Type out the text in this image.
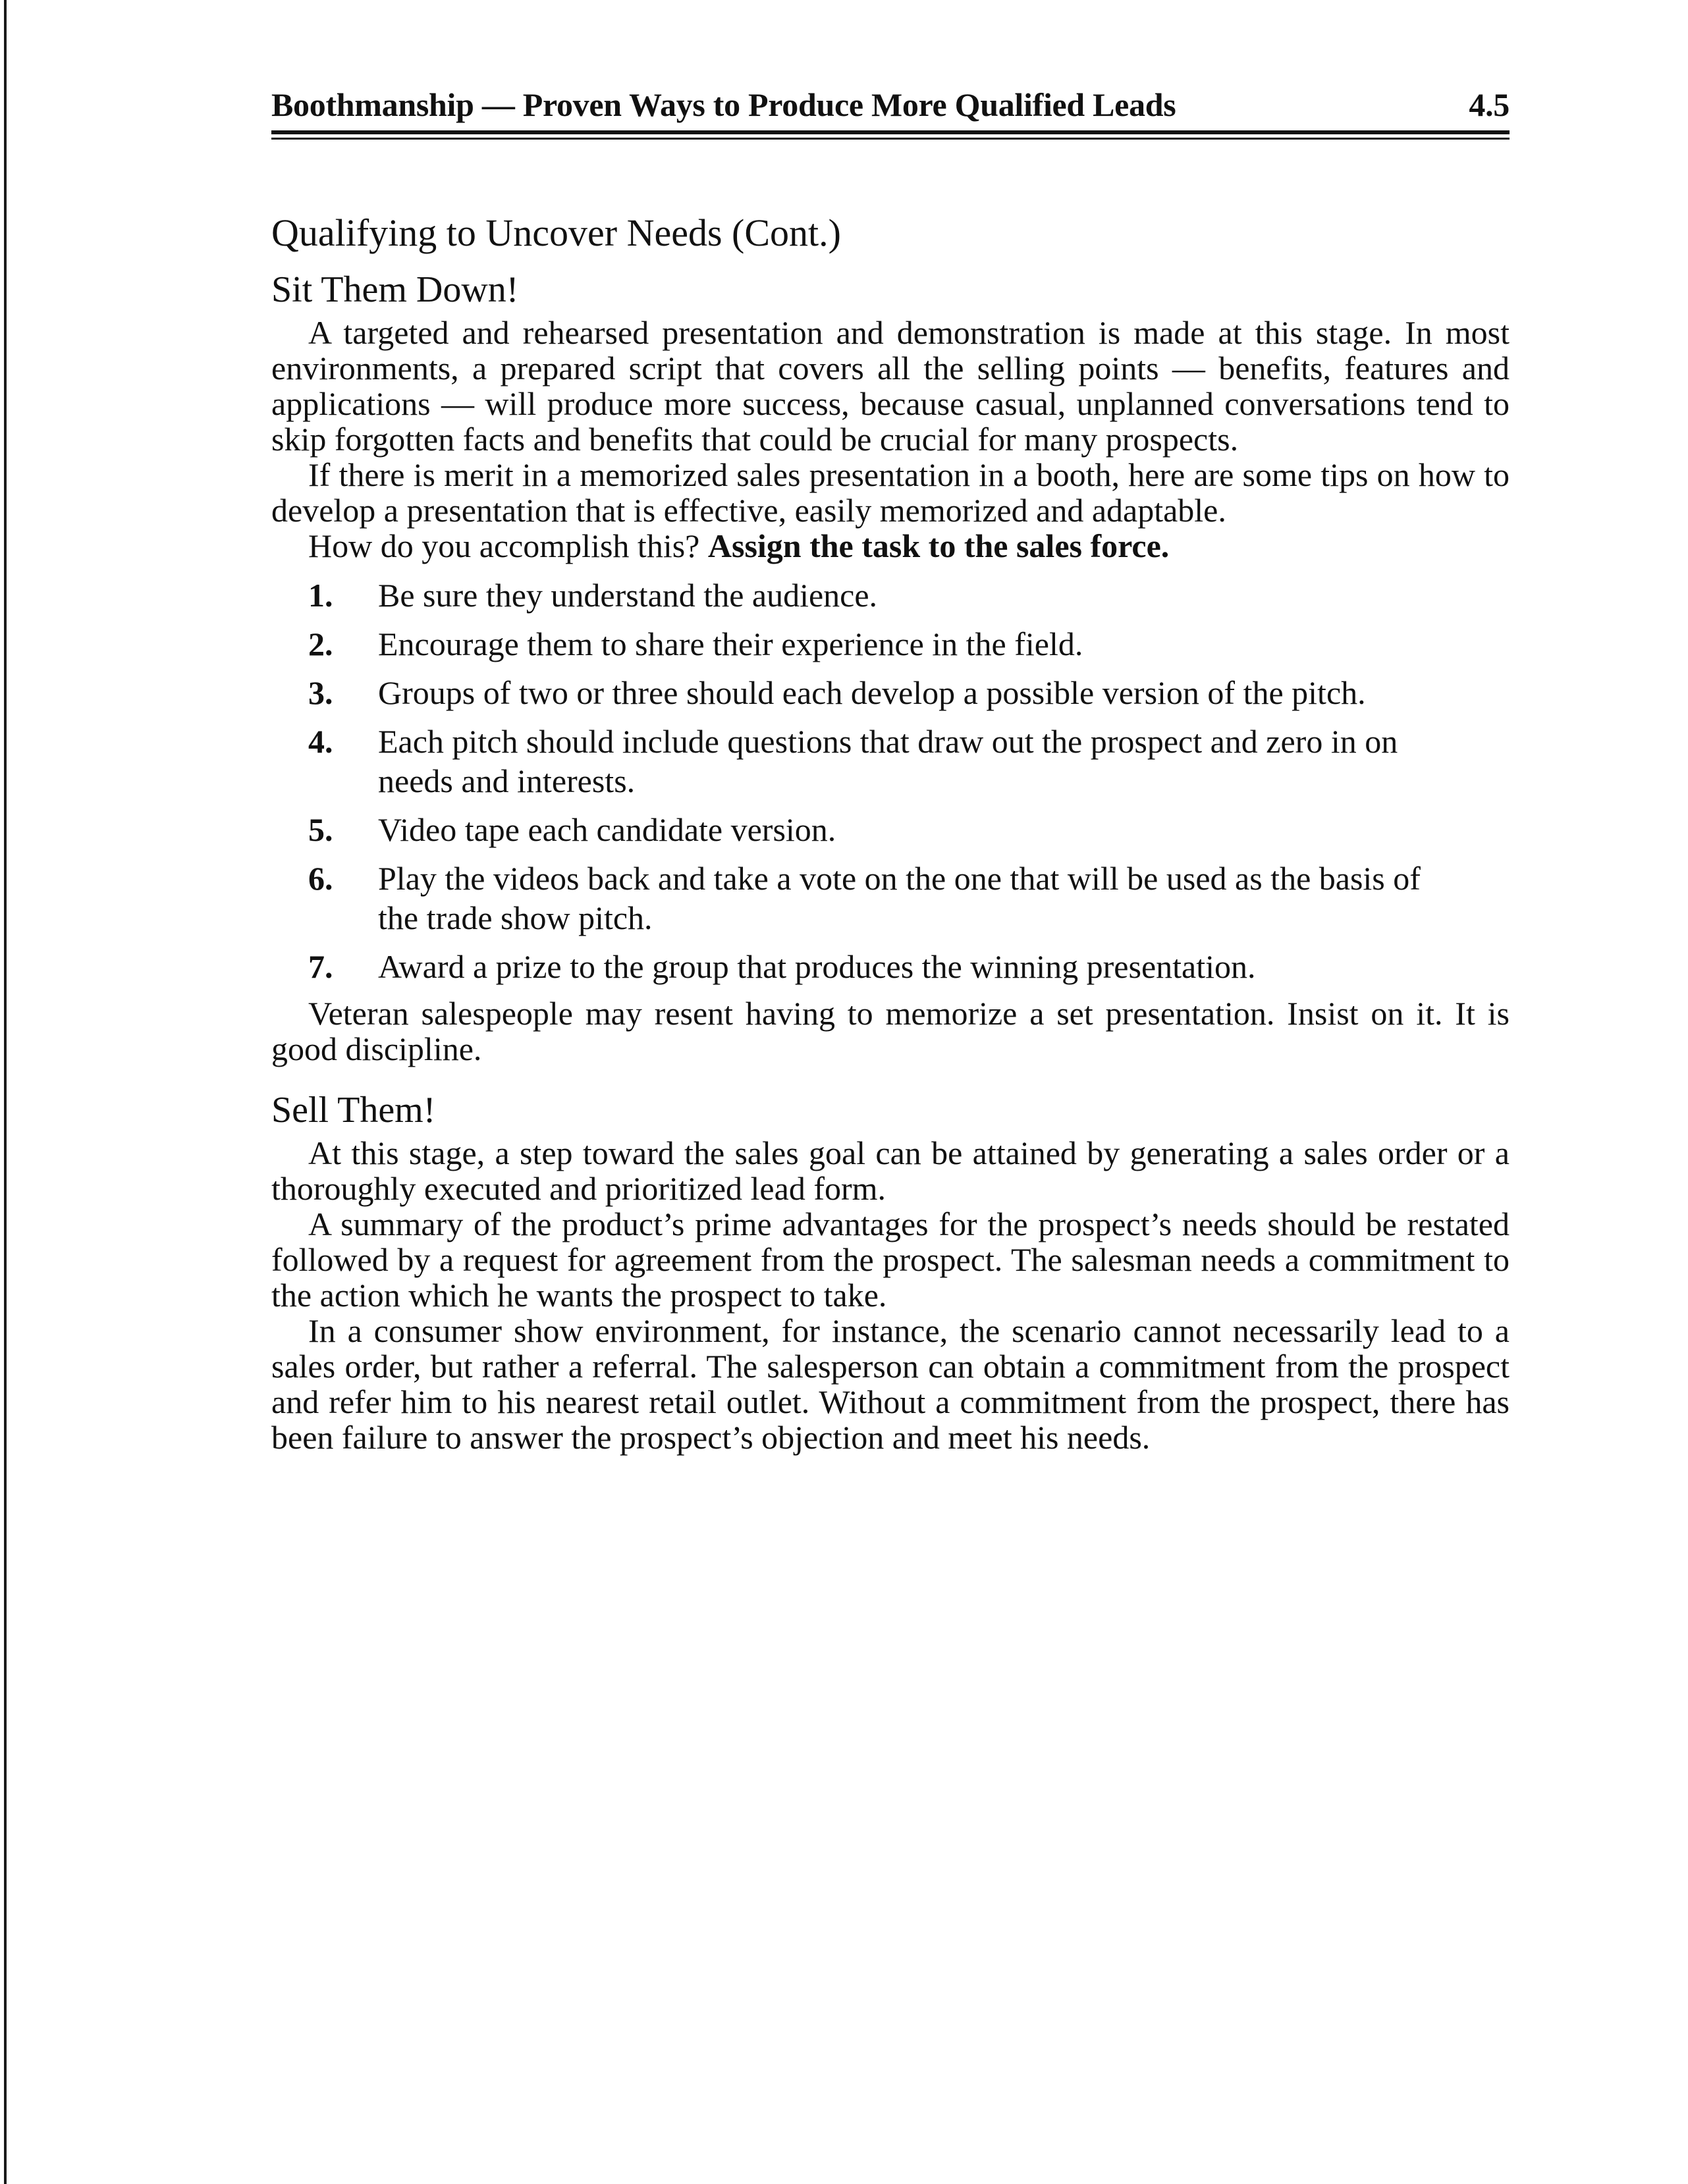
Boothmanship — Proven Ways to Produce More Qualified Leads	4.5
Qualifying to Uncover Needs (Cont.)
Sit Them Down!

A targeted and rehearsed presentation and demonstration is made at this stage. In most environments, a prepared script that covers all the selling points — benefits, features and applications — will produce more success, because casual, unplanned conversations tend to skip forgotten facts and benefits that could be crucial for many prospects.

If there is merit in a memorized sales presentation in a booth, here are some tips on how to develop a presentation that is effective, easily memorized and adaptable.

How do you accomplish this? Assign the task to the sales force.

1.	Be sure they understand the audience.
2.	Encourage them to share their experience in the field.
3.	Groups of two or three should each develop a possible version of the pitch.
4.	Each pitch should include questions that draw out the prospect and zero in on needs and interests.
5.	Video tape each candidate version.
6.	Play the videos back and take a vote on the one that will be used as the basis of the trade show pitch.
7.	Award a prize to the group that produces the winning presentation.

Veteran salespeople may resent having to memorize a set presentation. Insist on it. It is good discipline.

Sell Them!

At this stage, a step toward the sales goal can be attained by generating a sales order or a thoroughly executed and prioritized lead form.

A summary of the product’s prime advantages for the prospect’s needs should be restated followed by a request for agreement from the prospect. The salesman needs a commitment to the action which he wants the prospect to take.

In a consumer show environment, for instance, the scenario cannot necessarily lead to a sales order, but rather a referral. The salesperson can obtain a commitment from the prospect and refer him to his nearest retail outlet. Without a commitment from the prospect, there has been failure to answer the prospect’s objection and meet his needs.
